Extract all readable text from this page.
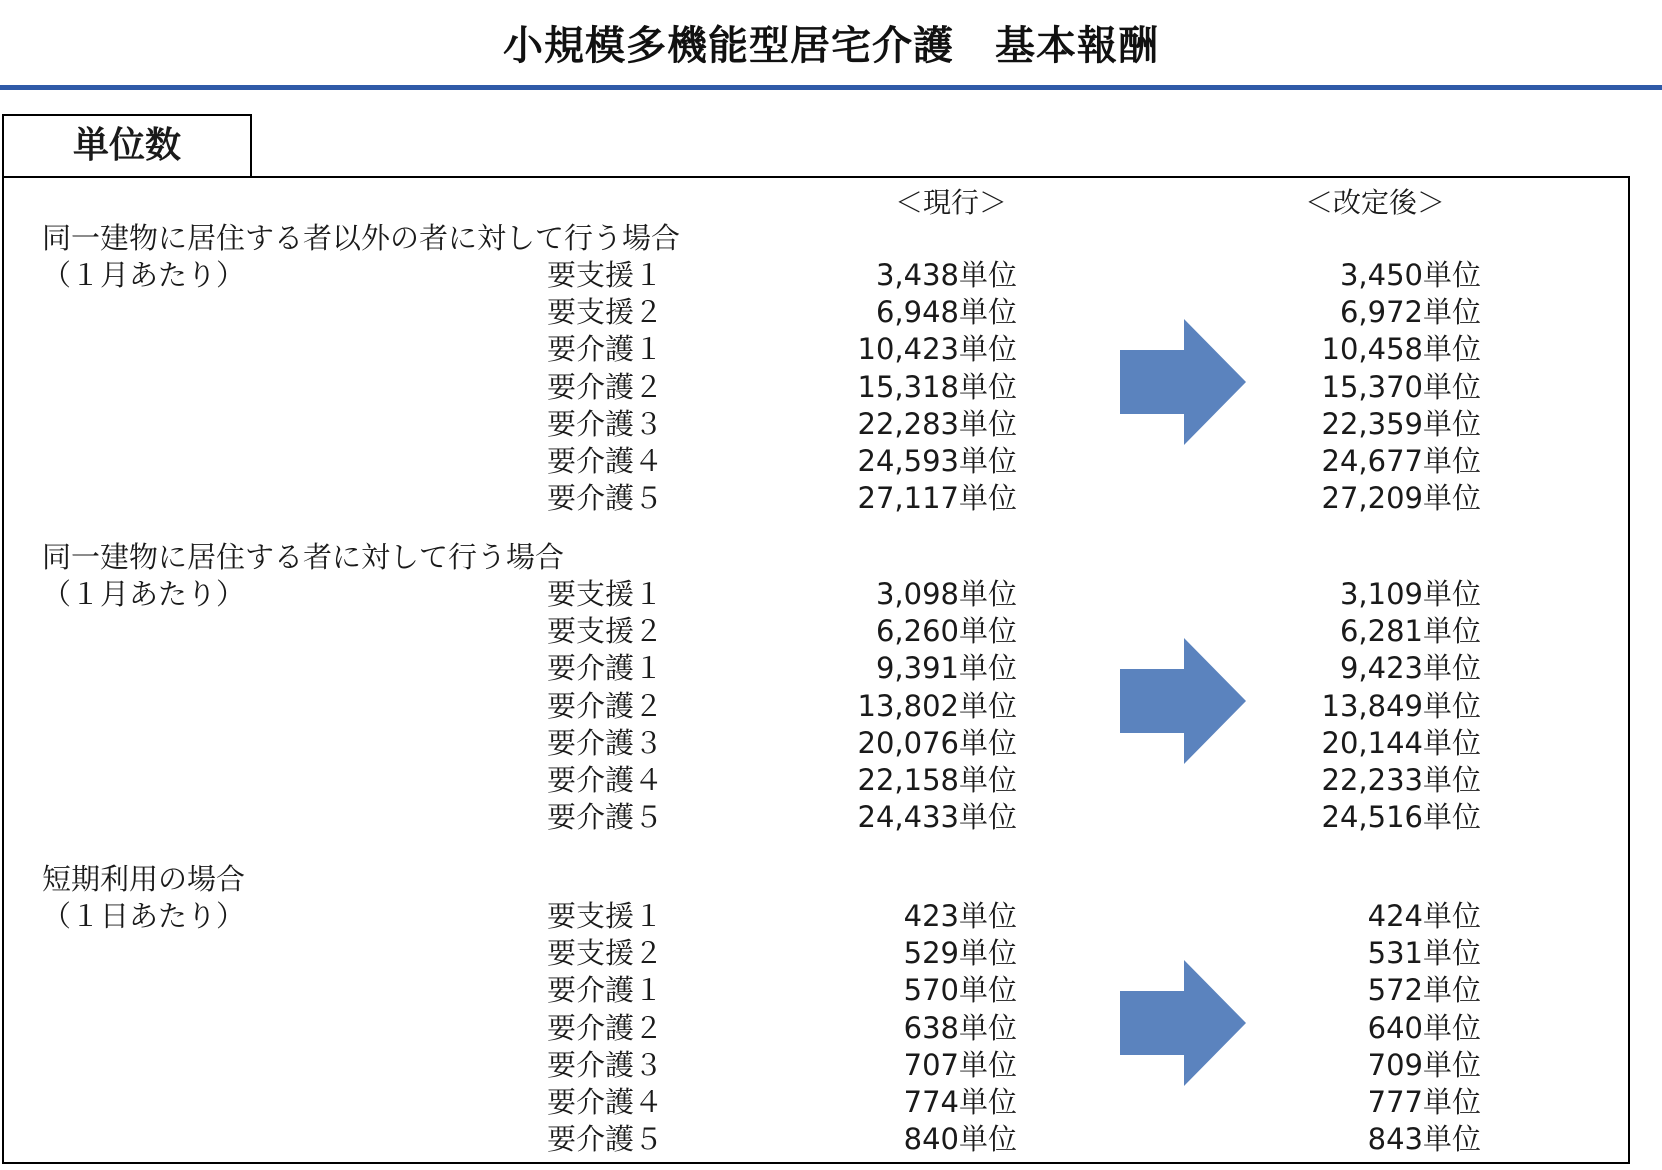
小規模多機能型居宅介護　基本報酬
単位数
＜現行＞	＜改定後＞
同一建物に居住する者以外の者に対して行う場合
（１月あたり）	要支援１	3,438単位	3,450単位
要支援２	6,948単位	6,972単位
要介護１	10,423単位	10,458単位
要介護２	15,318単位	15,370単位
要介護３	22,283単位	22,359単位
要介護４	24,593単位	24,677単位
要介護５	27,117単位	27,209単位
同一建物に居住する者に対して行う場合
（１月あたり）	要支援１	3,098単位	3,109単位
要支援２	6,260単位	6,281単位
要介護１	9,391単位	9,423単位
要介護２	13,802単位	13,849単位
要介護３	20,076単位	20,144単位
要介護４	22,158単位	22,233単位
要介護５	24,433単位	24,516単位
短期利用の場合
（１日あたり）	要支援１	423単位	424単位
要支援２	529単位	531単位
要介護１	570単位	572単位
要介護２	638単位	640単位
要介護３	707単位	709単位
要介護４	774単位	777単位
要介護５	840単位	843単位
